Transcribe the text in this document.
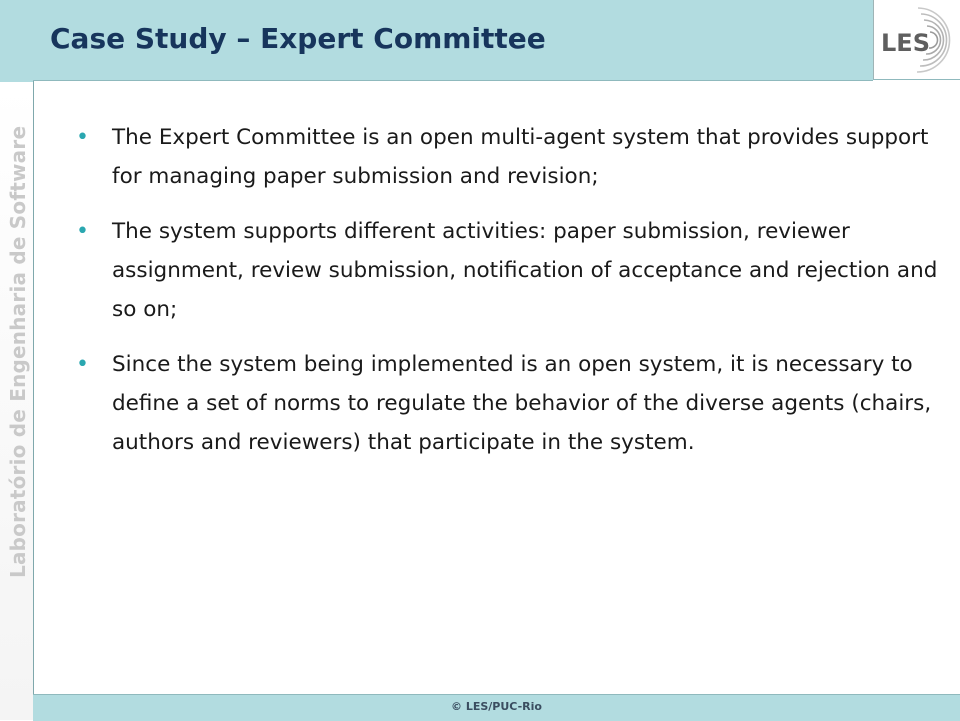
Laboratório de Engenharia de Software
Case Study – Expert Committee	LES
• The Expert Committee is an open multi-agent system that provides support for managing paper submission and revision;
• The system supports different activities: paper submission, reviewer assignment, review submission, notification of acceptance and rejection and so on;
• Since the system being implemented is an open system, it is necessary to define a set of norms to regulate the behavior of the diverse agents (chairs, authors and reviewers) that participate in the system.
© LES/PUC-Rio
